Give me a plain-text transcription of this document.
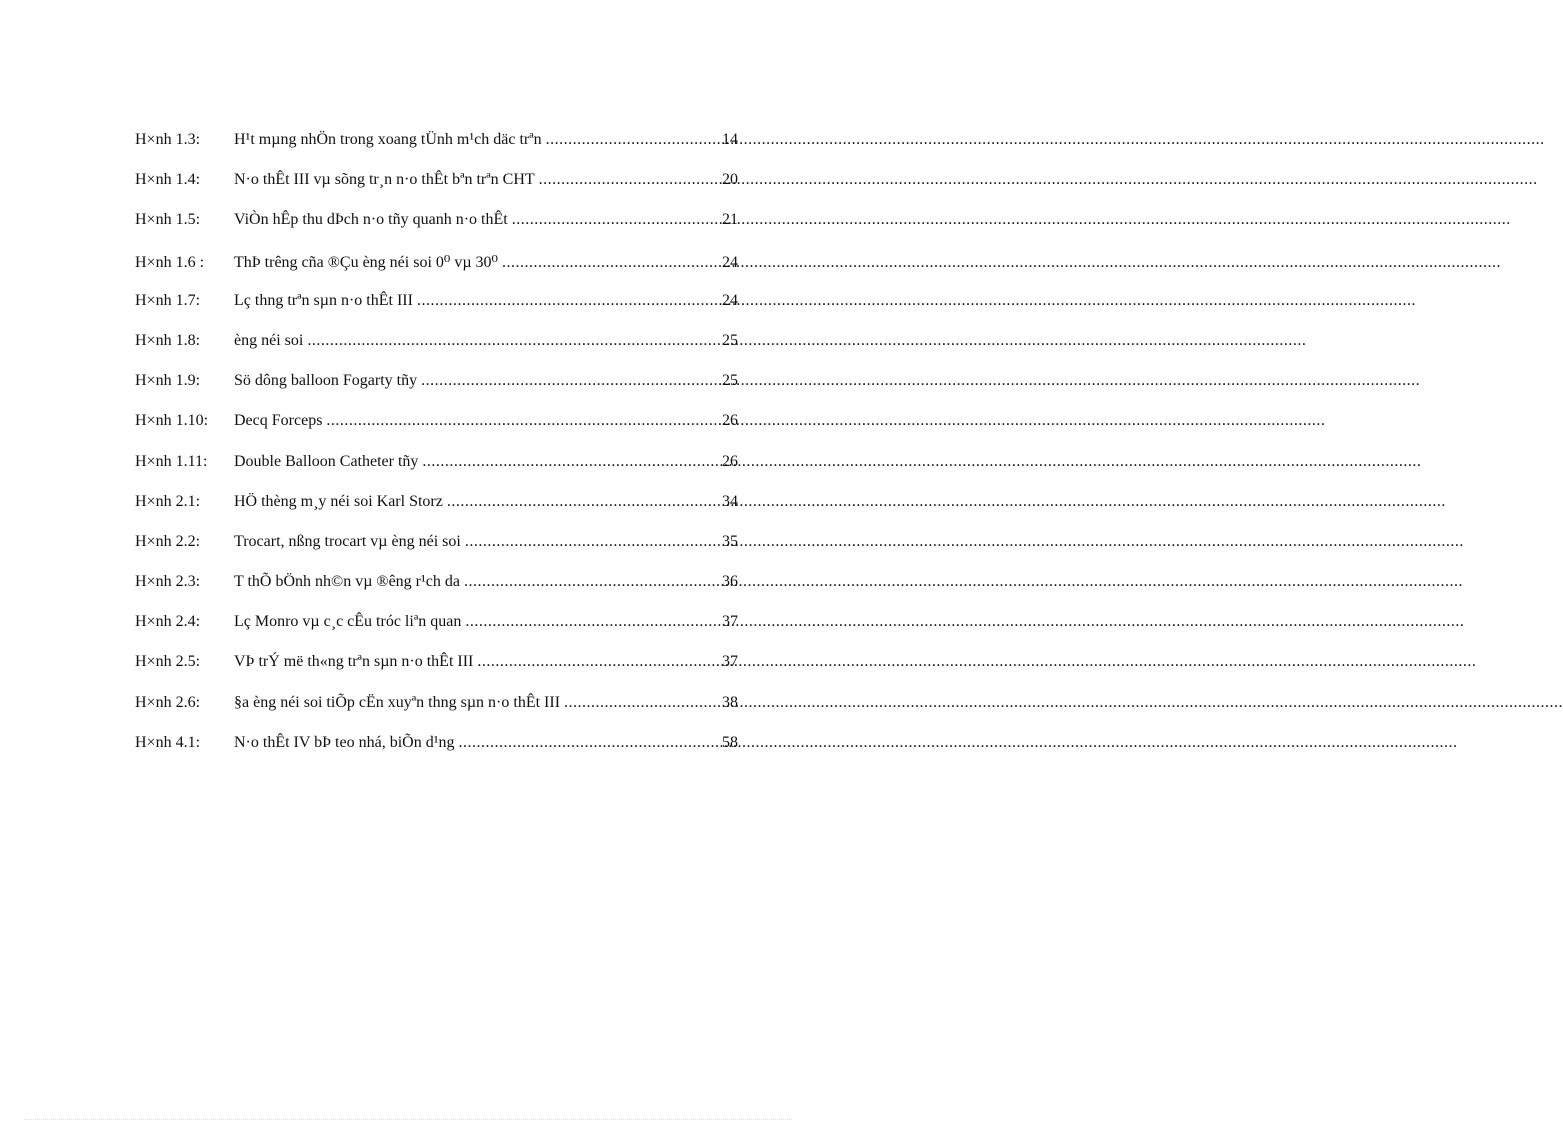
H×nh 1.3:	H¹t mµng nhÖn trong xoang tÜnh m¹ch däc trªn .....	14
H×nh 1.4:	N·o thÊt III vµ sõng tr¸n n·o thÊt bªn trªn CHT .....	20
H×nh 1.5:	ViÒn hÊp thu dÞch n·o tñy quanh n·o thÊt .....	21
H×nh 1.6 :	ThÞ trêng cña ®Çu èng néi soi 0⁰ vµ 30⁰ .....	24
H×nh 1.7:	Lç thng trªn sµn n·o thÊt III .....	24
H×nh 1.8:	èng néi soi .....	25
H×nh 1.9:	Sö dông balloon Fogarty tñy .....	25
H×nh 1.10:	Decq Forceps .....	26
H×nh 1.11:	Double Balloon Catheter tñy .....	26
H×nh 2.1:	HÖ thèng m¸y néi soi Karl Storz .....	34
H×nh 2.2:	Trocart, nßng trocart vµ èng néi soi .....	35
H×nh 2.3:	T thÕ bÖnh nh©n vµ ®êng r¹ch da .....	36
H×nh 2.4:	Lç Monro vµ c¸c cÊu tróc liªn quan .....	37
H×nh 2.5:	VÞ trÝ më th«ng trªn sµn n·o thÊt III .....	37
H×nh 2.6:	§a èng néi soi tiÕp cËn xuyªn thng sµn n·o thÊt III .....	38
H×nh 4.1:	N·o thÊt IV bÞ teo nhá, biÕn d¹ng .....	58
